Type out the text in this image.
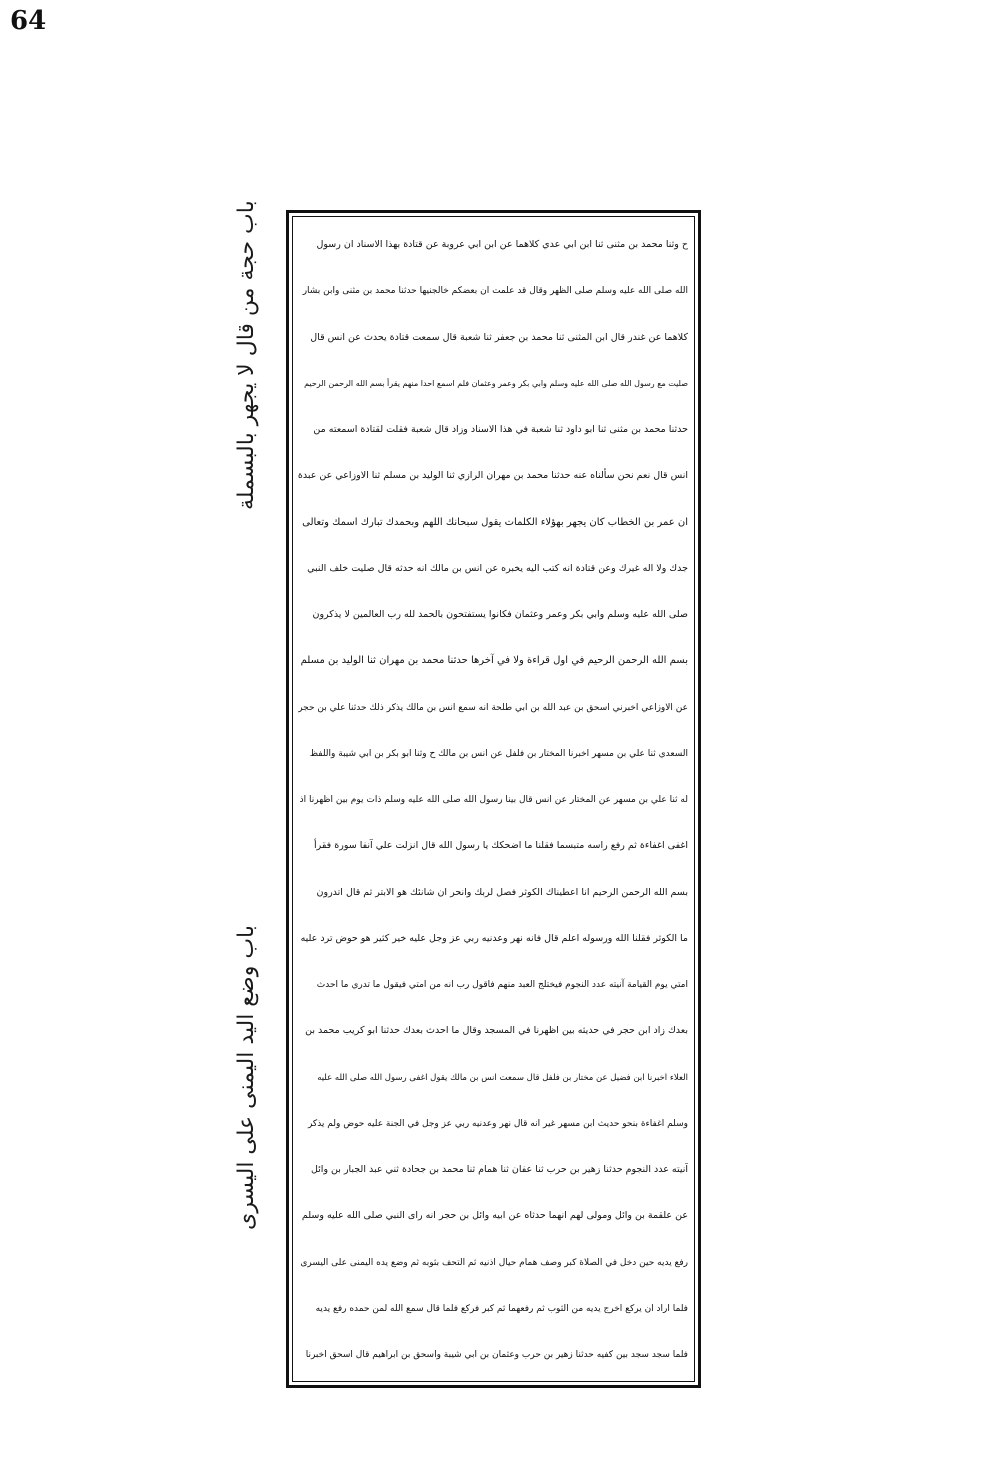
64
باب حجة من قال لا يجهر بالبسملة
باب وضع اليد اليمنى على اليسرى
ح وثنا محمد بن مثنى ثنا ابن ابي عدي كلاهما عن ابن ابي عروبة عن قتادة بهذا الاسناد ان رسول
الله صلى الله عليه وسلم صلى الظهر وقال قد علمت ان بعضكم خالجنيها حدثنا محمد بن مثنى وابن بشار
كلاهما عن غندر قال ابن المثنى ثنا محمد بن جعفر ثنا شعبة قال سمعت قتادة يحدث عن انس قال
صليت مع رسول الله صلى الله عليه وسلم وابي بكر وعمر وعثمان فلم اسمع احدا منهم يقرأ بسم الله الرحمن الرحيم
حدثنا محمد بن مثنى ثنا ابو داود ثنا شعبة في هذا الاسناد وزاد قال شعبة فقلت لقتادة اسمعته من
انس قال نعم نحن سألناه عنه حدثنا محمد بن مهران الرازي ثنا الوليد بن مسلم ثنا الاوزاعي عن عبدة
ان عمر بن الخطاب كان يجهر بهؤلاء الكلمات يقول سبحانك اللهم وبحمدك تبارك اسمك وتعالى
جدك ولا اله غيرك وعن قتادة انه كتب اليه يخبره عن انس بن مالك انه حدثه قال صليت خلف النبي
صلى الله عليه وسلم وابي بكر وعمر وعثمان فكانوا يستفتحون بالحمد لله رب العالمين لا يذكرون
بسم الله الرحمن الرحيم في اول قراءة ولا في آخرها حدثنا محمد بن مهران ثنا الوليد بن مسلم
عن الاوزاعي اخبرني اسحق بن عبد الله بن ابي طلحة انه سمع انس بن مالك يذكر ذلك حدثنا علي بن حجر
السعدي ثنا علي بن مسهر اخبرنا المختار بن فلفل عن انس بن مالك ح وثنا ابو بكر بن ابي شيبة واللفظ
له ثنا علي بن مسهر عن المختار عن انس قال بينا رسول الله صلى الله عليه وسلم ذات يوم بين اظهرنا اذ
اغفى اغفاءة ثم رفع راسه متبسما فقلنا ما اضحكك يا رسول الله قال انزلت علي آنفا سورة فقرأ
بسم الله الرحمن الرحيم انا اعطيناك الكوثر فصل لربك وانحر ان شانئك هو الابتر ثم قال اتدرون
ما الكوثر فقلنا الله ورسوله اعلم قال فانه نهر وعدنيه ربي عز وجل عليه خير كثير هو حوض ترد عليه
امتي يوم القيامة آنيته عدد النجوم فيختلج العبد منهم فاقول رب انه من امتي فيقول ما تدري ما احدث
بعدك زاد ابن حجر في حديثه بين اظهرنا في المسجد وقال ما احدث بعدك حدثنا ابو كريب محمد بن
العلاء اخبرنا ابن فضيل عن مختار بن فلفل قال سمعت انس بن مالك يقول اغفى رسول الله صلى الله عليه
وسلم اغفاءة بنحو حديث ابن مسهر غير انه قال نهر وعدنيه ربي عز وجل في الجنة عليه حوض ولم يذكر
آنيته عدد النجوم حدثنا زهير بن حرب ثنا عفان ثنا همام ثنا محمد بن جحادة ثني عبد الجبار بن وائل
عن علقمة بن وائل ومولى لهم انهما حدثاه عن ابيه وائل بن حجر انه راى النبي صلى الله عليه وسلم
رفع يديه حين دخل في الصلاة كبر وصف همام حيال اذنيه ثم التحف بثوبه ثم وضع يده اليمنى على اليسرى
فلما اراد ان يركع اخرج يديه من الثوب ثم رفعهما ثم كبر فركع فلما قال سمع الله لمن حمده رفع يديه
فلما سجد سجد بين كفيه حدثنا زهير بن حرب وعثمان بن ابي شيبة واسحق بن ابراهيم قال اسحق اخبرنا
